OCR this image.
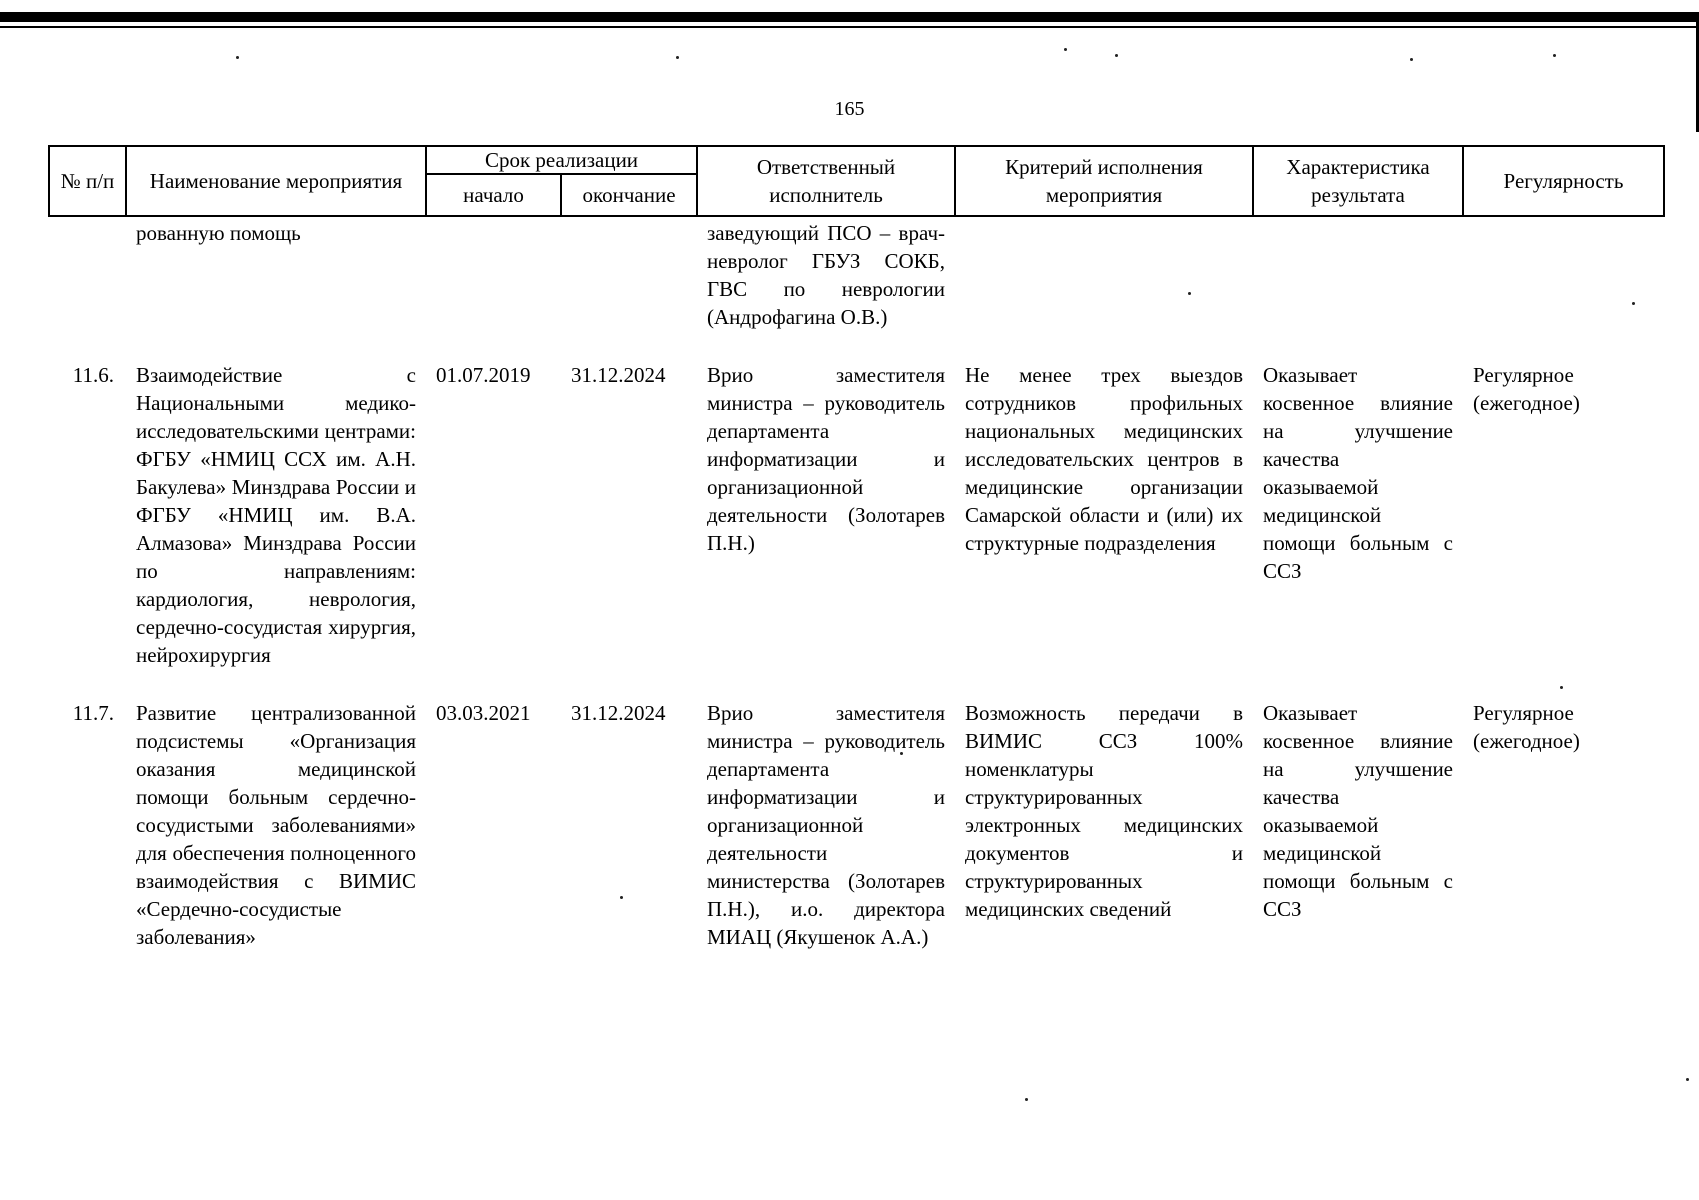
165
№ п/п	Наименование мероприятия	Срок реализации		Ответственный исполнитель	Критерий исполнения мероприятия	Характеристика результата	Регулярность
		начало	окончание				
	рованную помощь			заведующий ПСО – врач-невролог ГБУЗ СОКБ, ГВС по неврологии (Андрофагина О.В.)			
11.6.	Взаимодействие с Национальными медико-исследовательскими центрами: ФГБУ «НМИЦ ССХ им. А.Н. Бакулева» Минздрава России и ФГБУ «НМИЦ им. В.А. Алмазова» Минздрава России по направлениям: кардиология, неврология, сердечно-сосудистая хирургия, нейрохирургия	01.07.2019	31.12.2024	Врио заместителя министра – руководитель департамента информатизации и организационной деятельности (Золотарев П.Н.)	Не менее трех выездов сотрудников профильных национальных медицинских исследовательских центров в медицинские организации Самарской области и (или) их структурные подразделения	Оказывает косвенное влияние на улучшение качества оказываемой медицинской помощи больным с ССЗ	Регулярное (ежегодное)
11.7.	Развитие централизованной подсистемы «Организация оказания медицинской помощи больным сердечно-сосудистыми заболеваниями» для обеспечения полноценного взаимодействия с ВИМИС «Сердечно-сосудистые заболевания»	03.03.2021	31.12.2024	Врио заместителя министра – руководитель департамента информатизации и организационной деятельности министерства (Золотарев П.Н.), и.о. директора МИАЦ (Якушенок А.А.)	Возможность передачи в ВИМИС ССЗ 100% номенклатуры структурированных электронных медицинских документов и структурированных медицинских сведений	Оказывает косвенное влияние на улучшение качества оказываемой медицинской помощи больным с ССЗ	Регулярное (ежегодное)
